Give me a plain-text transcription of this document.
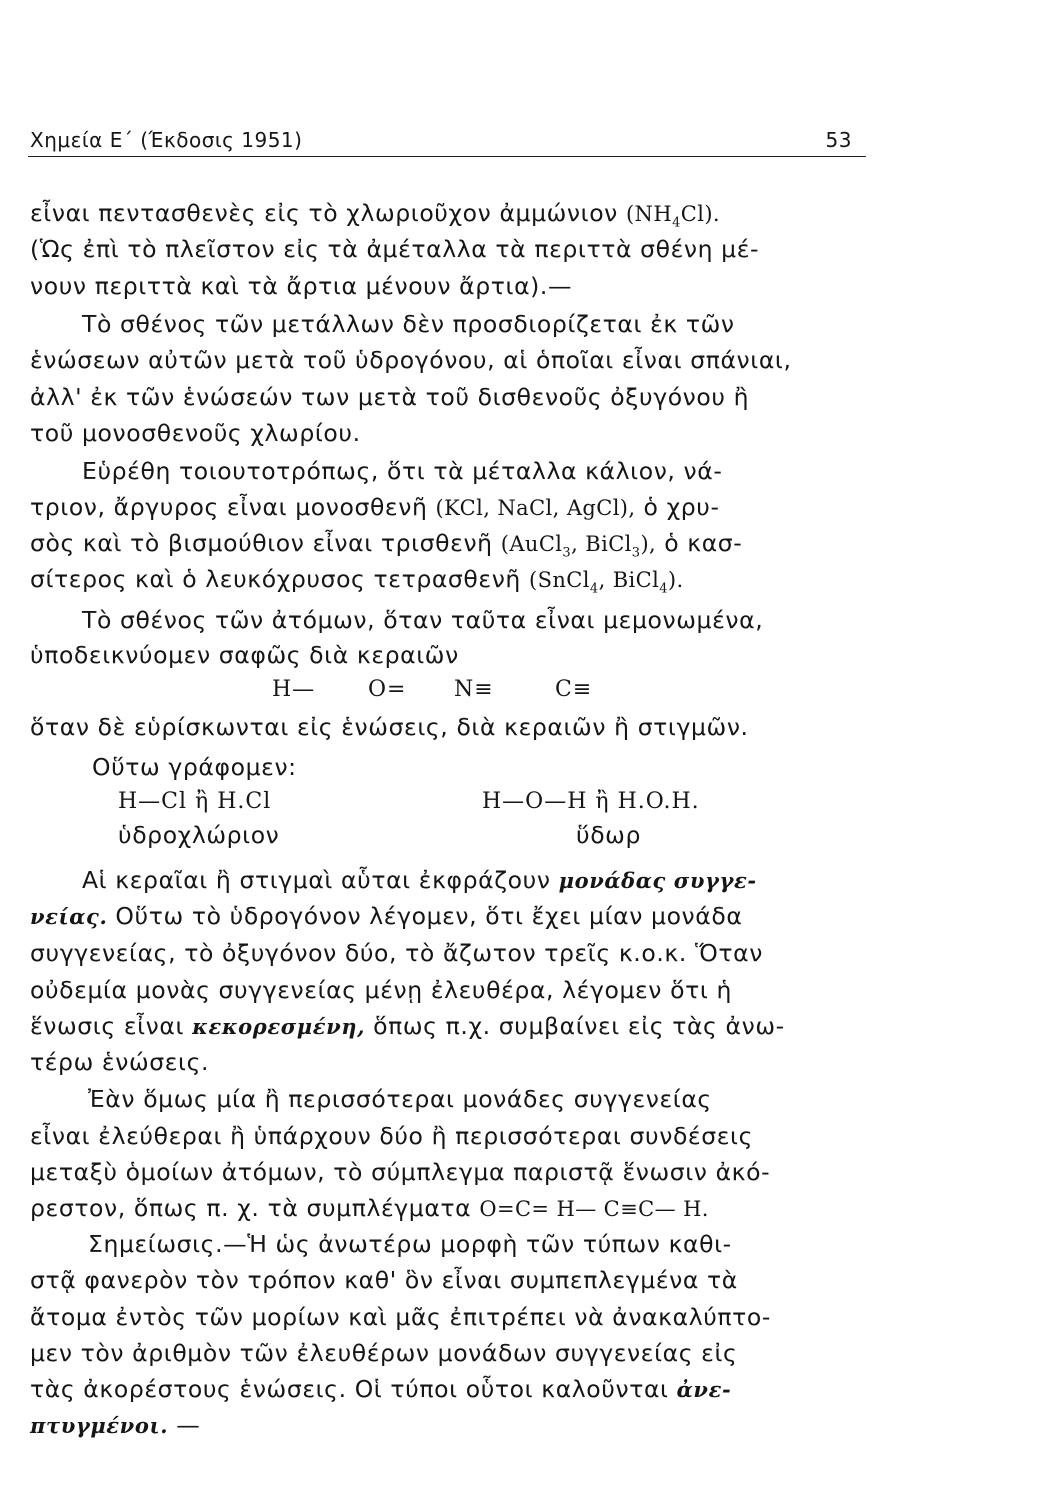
Χημεία Ε΄ (Έκδοσις 1951)	53
εἶναι πεντασθενὲς εἰς τὸ χλωριοῦχον ἀμμώνιον $(NH_4Cl)$.
(Ὡς ἐπὶ τὸ πλεῖστον εἰς τὰ ἀμέταλλα τὰ περιττὰ σθένη μέ-
νουν περιττὰ καὶ τὰ ἄρτια μένουν ἄρτια).—
Τὸ σθένος τῶν μετάλλων δὲν προσδιορίζεται ἐκ τῶν
ἑνώσεων αὐτῶν μετὰ τοῦ ὑδρογόνου, αἱ ὁποῖαι εἶναι σπάνιαι,
ἀλλ' ἐκ τῶν ἑνώσεών των μετὰ τοῦ δισθενοῦς ὀξυγόνου ἢ
τοῦ μονοσθενοῦς χλωρίου.
Εὑρέθη τοιουτοτρόπως, ὅτι τὰ μέταλλα κάλιον, νά-
τριον, ἄργυρος εἶναι μονοσθενῆ (KCl, NaCl, AgCl), ὁ χρυ-
σὸς καὶ τὸ βισμούθιον εἶναι τρισθενῆ (AuCl$_3$, BiCl$_3$), ὁ κασ-
σίτερος καὶ ὁ λευκόχρυσος τετρασθενῆ (SnCl$_4$, BiCl$_4$).
Τὸ σθένος τῶν ἀτόμων, ὅταν ταῦτα εἶναι μεμονωμένα,
ὑποδεικνύομεν σαφῶς διὰ κεραιῶν
H— O= N≡	C≡
ὅταν δὲ εὑρίσκωνται εἰς ἑνώσεις, διὰ κεραιῶν ἢ στιγμῶν.
Οὕτω γράφομεν:
H—Cl ἢ H.Cl	H—O—H ἢ H.O.H.
ὑδροχλώριον	ὕδωρ
Αἱ κεραῖαι ἢ στιγμαὶ αὗται ἐκφράζουν μονάδας συγγε-
νείας. Οὕτω τὸ ὑδρογόνον λέγομεν, ὅτι ἔχει μίαν μονάδα
συγγενείας, τὸ ὀξυγόνον δύο, τὸ ἄζωτον τρεῖς κ.ο.κ. Ὅταν
οὐδεμία μονὰς συγγενείας μένῃ ἐλευθέρα, λέγομεν ὅτι ἡ
ἕνωσις εἶναι κεκορεσμένη, ὅπως π.χ. συμβαίνει εἰς τὰς ἀνω-
τέρω ἑνώσεις.
Ἐὰν ὅμως μία ἢ περισσότεραι μονάδες συγγενείας
εἶναι ἐλεύθεραι ἢ ὑπάρχουν δύο ἢ περισσότεραι συνδέσεις
μεταξὺ ὁμοίων ἀτόμων, τὸ σύμπλεγμα παριστᾷ ἕνωσιν ἀκό-
ρεστον, ὅπως π. χ. τὰ συμπλέγματα O=C= H— C≡C— H.
Σημείωσις.—Ἡ ὡς ἀνωτέρω μορφὴ τῶν τύπων καθι-
στᾷ φανερὸν τὸν τρόπον καθ' ὃν εἶναι συμπεπλεγμένα τὰ
ἄτομα ἐντὸς τῶν μορίων καὶ μᾶς ἐπιτρέπει νὰ ἀνακαλύπτο-
μεν τὸν ἀριθμὸν τῶν ἐλευθέρων μονάδων συγγενείας εἰς
τὰς ἀκορέστους ἑνώσεις. Οἱ τύποι οὗτοι καλοῦνται ἀνε-
πτυγμένοι. —
